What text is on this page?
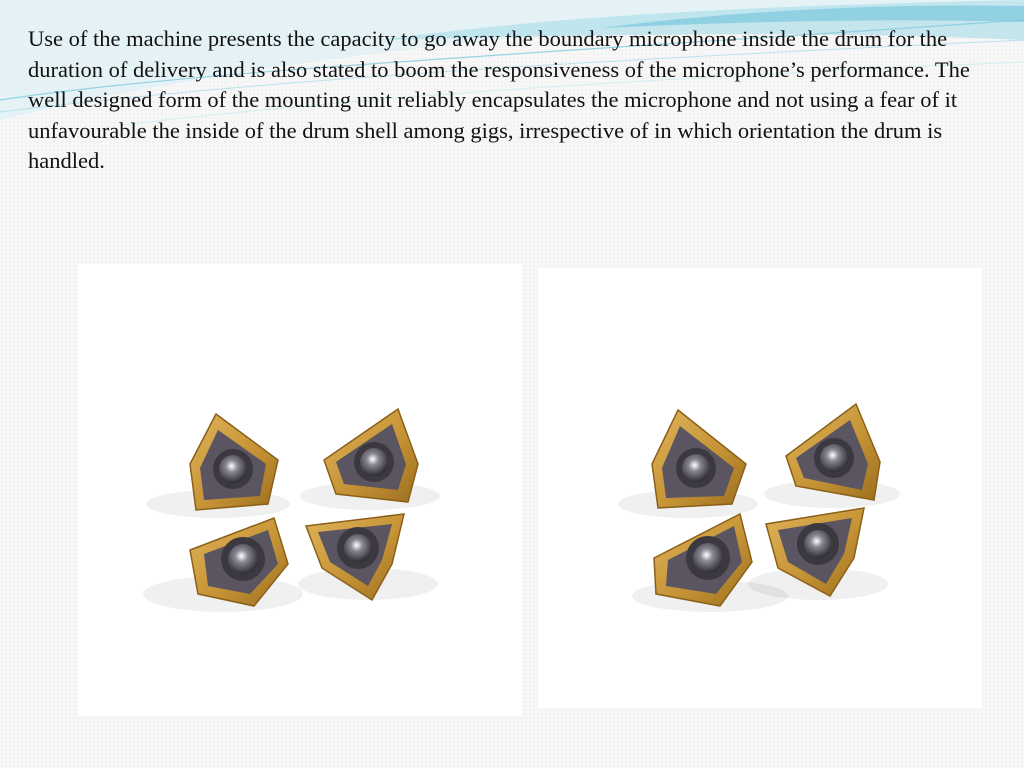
Use of the machine presents the capacity to go away the boundary microphone inside the drum for the duration of delivery and is also stated to boom the responsiveness of the microphone’s performance. The well designed form of the mounting unit reliably encapsulates the microphone and not using a fear of it unfavourable the inside of the drum shell among gigs, irrespective of in which orientation the drum is handled.
